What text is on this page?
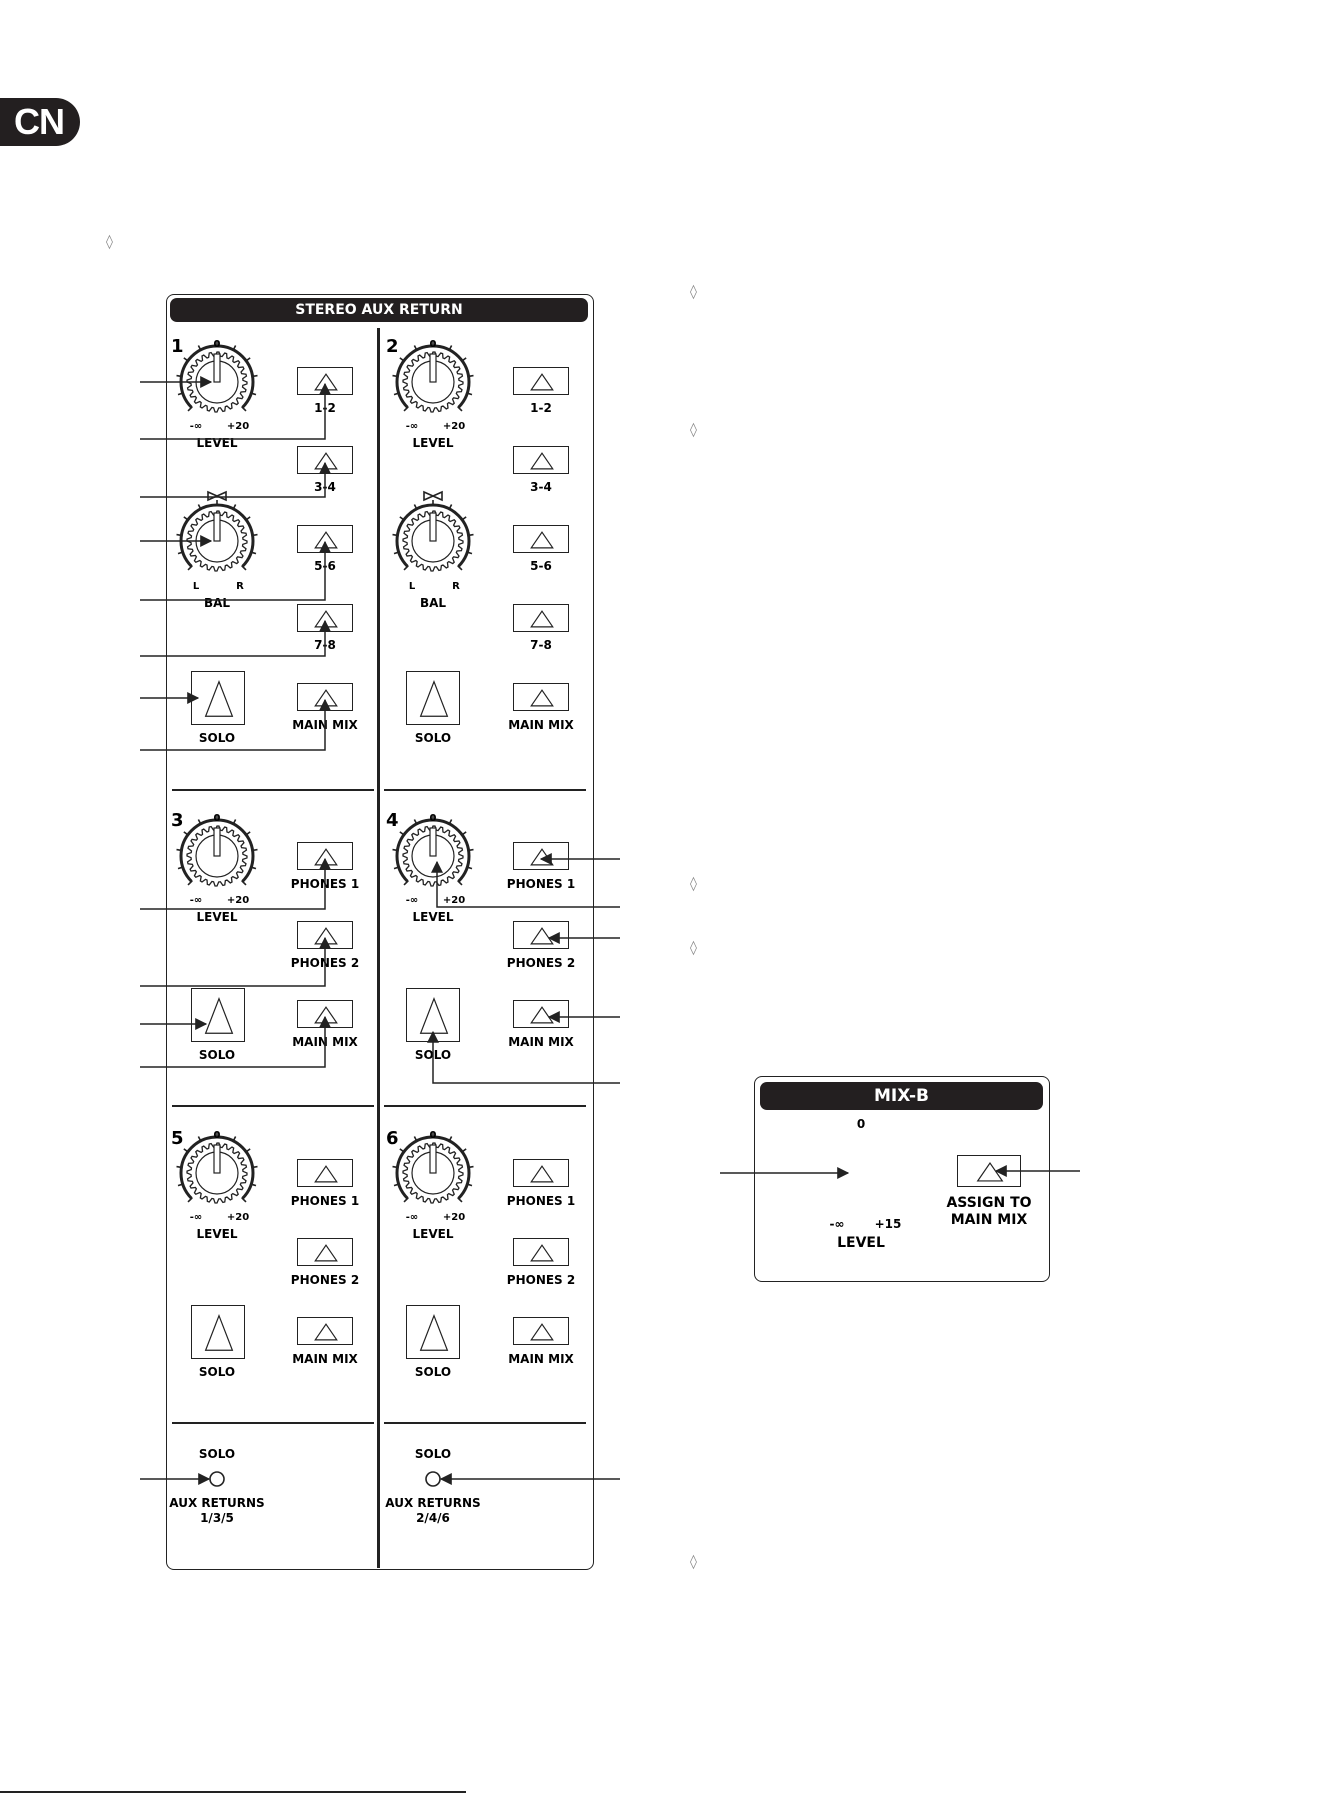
CN
◊
◊
◊
◊
◊
◊
STEREO AUX RETURN
1	2
3	4
5	6
0
-∞ +20
LEVEL
L	R
BAL
1-2
3-4
5-6
7-8
MAIN MIX
SOLO
0
-∞ +20
LEVEL
L	R
BAL
1-2
3-4
5-6
7-8
MAIN MIX
SOLO
0
-∞ +20
LEVEL
PHONES 1
PHONES 2
MAIN MIX
SOLO
0
-∞ +20
LEVEL
PHONES 1
PHONES 2
MAIN MIX
SOLO
0
-∞ +20
LEVEL
PHONES 1
PHONES 2
MAIN MIX
SOLO
0
-∞ +20
LEVEL
PHONES 1
PHONES 2
MAIN MIX
SOLO
SOLO
AUX RETURNS
1/3/5
SOLO
AUX RETURNS
2/4/6
MIX-B
0
-∞	+15
LEVEL
ASSIGN TO
MAIN MIX
